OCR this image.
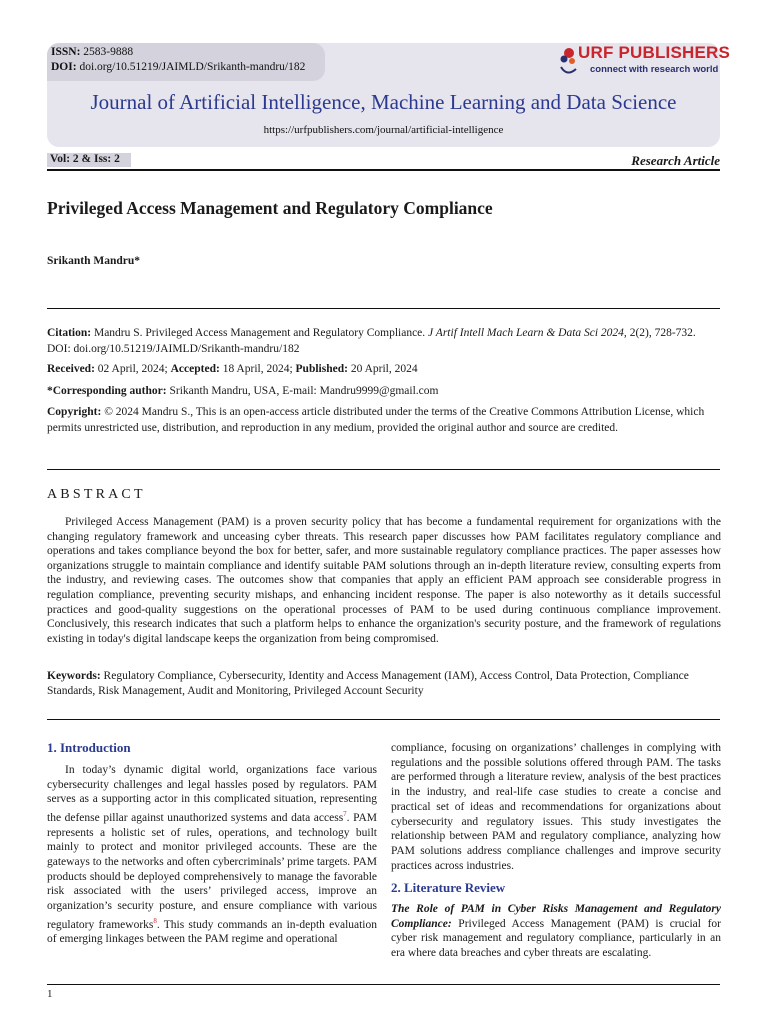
ISSN: 2583-9888
DOI: doi.org/10.51219/JAIMLD/Srikanth-mandru/182
URF PUBLISHERS
connect with research world
Journal of Artificial Intelligence, Machine Learning and Data Science
https://urfpublishers.com/journal/artificial-intelligence
Vol: 2 & Iss: 2	Research Article
Privileged Access Management and Regulatory Compliance
Srikanth Mandru*
Citation: Mandru S. Privileged Access Management and Regulatory Compliance. J Artif Intell Mach Learn & Data Sci 2024, 2(2), 728-732. DOI: doi.org/10.51219/JAIMLD/Srikanth-mandru/182
Received: 02 April, 2024; Accepted: 18 April, 2024; Published: 20 April, 2024
*Corresponding author: Srikanth Mandru, USA, E-mail: Mandru9999@gmail.com
Copyright: © 2024 Mandru S., This is an open-access article distributed under the terms of the Creative Commons Attribution License, which permits unrestricted use, distribution, and reproduction in any medium, provided the original author and source are credited.
ABSTRACT

Privileged Access Management (PAM) is a proven security policy that has become a fundamental requirement for organizations with the changing regulatory framework and unceasing cyber threats. This research paper discusses how PAM facilitates regulatory compliance and operations and takes compliance beyond the box for better, safer, and more sustainable regulatory compliance practices. The paper assesses how organizations struggle to maintain compliance and identify suitable PAM solutions through an in-depth literature review, consulting experts from the industry, and reviewing cases. The outcomes show that companies that apply an efficient PAM approach see considerable progress in regulation compliance, preventing security mishaps, and enhancing incident response. The paper is also noteworthy as it details successful practices and good-quality suggestions on the operational processes of PAM to be used during continuous compliance improvement. Conclusively, this research indicates that such a platform helps to enhance the organization's security posture, and the framework of regulations existing in today's digital landscape keeps the organization from being compromised.

Keywords: Regulatory Compliance, Cybersecurity, Identity and Access Management (IAM), Access Control, Data Protection, Compliance Standards, Risk Management, Audit and Monitoring, Privileged Account Security
1. Introduction

In today’s dynamic digital world, organizations face various cybersecurity challenges and legal hassles posed by regulators. PAM serves as a supporting actor in this complicated situation, representing the defense pillar against unauthorized systems and data access$^7$. PAM represents a holistic set of rules, operations, and technology built mainly to protect and monitor privileged accounts. These are the gateways to the networks and often cybercriminals’ prime targets. PAM products should be deployed comprehensively to manage the favorable risk associated with the users’ privileged access, improve an organization’s security posture, and ensure compliance with various regulatory frameworks$^8$. This study commands an in-depth evaluation of emerging linkages between the PAM regime and operational

compliance, focusing on organizations’ challenges in complying with regulations and the possible solutions offered through PAM. The tasks are performed through a literature review, analysis of the best practices in the industry, and real-life case studies to create a concise and practical set of ideas and recommendations for organizations about cybersecurity and regulatory issues. This study investigates the relationship between PAM and regulatory compliance, analyzing how PAM solutions address compliance challenges and improve security practices across industries.

2. Literature Review

The Role of PAM in Cyber Risks Management and Regulatory Compliance: Privileged Access Management (PAM) is crucial for cyber risk management and regulatory compliance, particularly in an era where data breaches and cyber threats are escalating.

1
